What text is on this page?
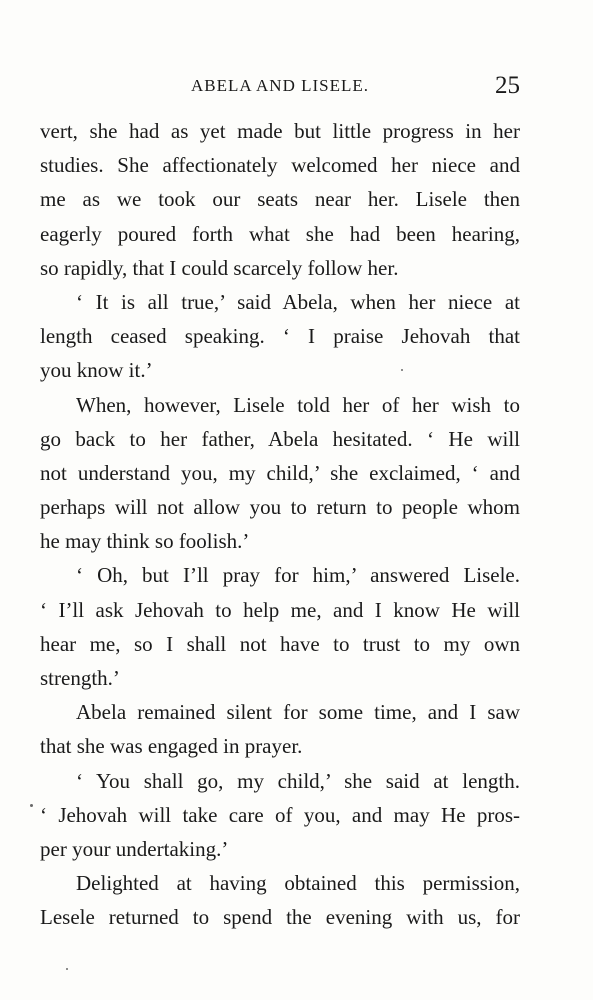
ABELA AND LISELE.	25
vert, she had as yet made but little progress in her
studies. She affectionately welcomed her niece and
me as we took our seats near her. Lisele then
eagerly poured forth what she had been hearing,
so rapidly, that I could scarcely follow her.
‘ It is all true,’ said Abela, when her niece at
length ceased speaking. ‘ I praise Jehovah that
you know it.’
When, however, Lisele told her of her wish to
go back to her father, Abela hesitated. ‘ He will
not understand you, my child,’ she exclaimed, ‘ and
perhaps will not allow you to return to people whom
he may think so foolish.’
‘ Oh, but I’ll pray for him,’ answered Lisele.
‘ I’ll ask Jehovah to help me, and I know He will
hear me, so I shall not have to trust to my own
strength.’
Abela remained silent for some time, and I saw
that she was engaged in prayer.
‘ You shall go, my child,’ she said at length.
‘ Jehovah will take care of you, and may He pros-
per your undertaking.’
Delighted at having obtained this permission,
Lesele returned to spend the evening with us, for
